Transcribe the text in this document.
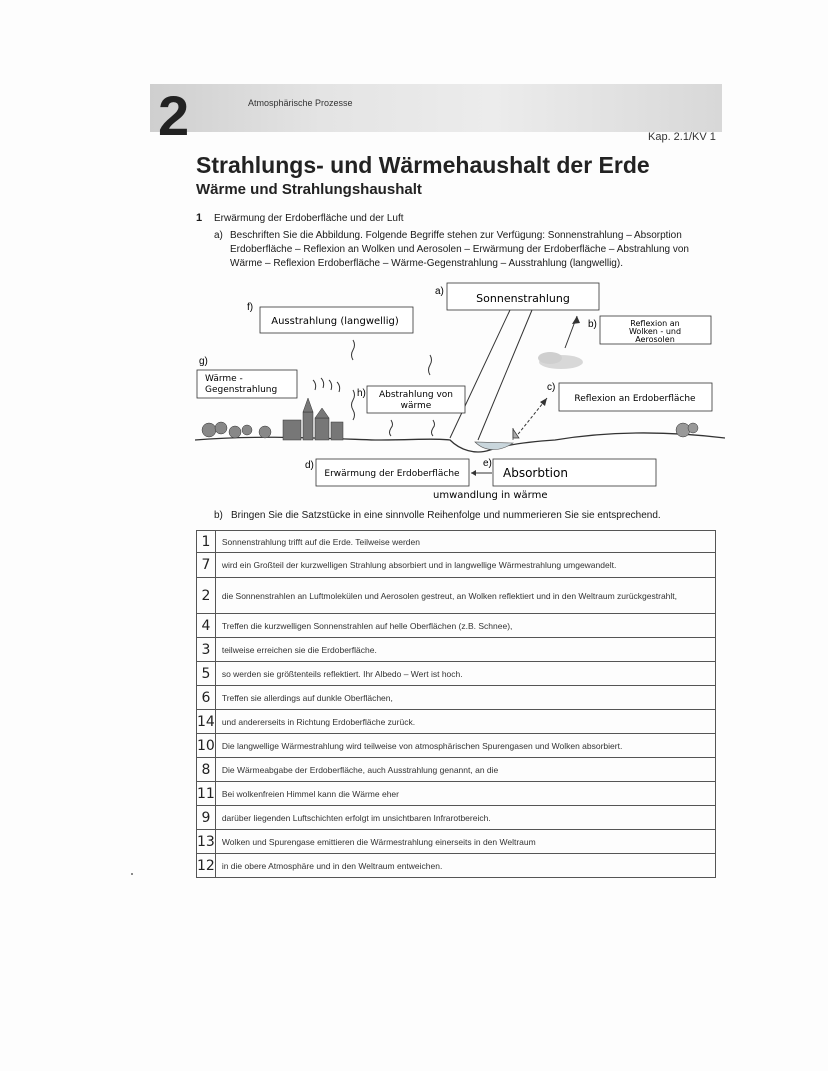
2	Atmosphärische Prozesse
Kap. 2.1/KV 1
Strahlungs- und Wärmehaushalt der Erde
Wärme und Strahlungshaushalt
1 Erwärmung der Erdoberfläche und der Luft
a) Beschriften Sie die Abbildung. Folgende Begriffe stehen zur Verfügung: Sonnenstrahlung – Absorption Erdoberfläche – Reflexion an Wolken und Aerosolen – Erwärmung der Erdoberfläche – Abstrahlung von Wärme – Reflexion Erdoberfläche – Wärme-Gegenstrahlung – Ausstrahlung (langwellig).
a)
Sonnenstrahlung
b)	Reflexion an
Wolken - und
Aerosolen
c)
Reflexion an Erdoberfläche
f)
Ausstrahlung (langwellig)
g)
Wärme -
Gegenstrahlung	h) Abstrahlung von
wärme
d)
Erwärmung der Erdoberfläche
e)
Absorbtion
umwandlung in wärme
b) Bringen Sie die Satzstücke in eine sinnvolle Reihenfolge und nummerieren Sie sie entsprechend.
1	Sonnenstrahlung trifft auf die Erde. Teilweise werden
7	wird ein Großteil der kurzwelligen Strahlung absorbiert und in langwellige Wärmestrahlung umgewandelt.
2	die Sonnenstrahlen an Luftmolekülen und Aerosolen gestreut, an Wolken reflektiert und in den Weltraum zurückgestrahlt,
4	Treffen die kurzwelligen Sonnenstrahlen auf helle Oberflächen (z.B. Schnee),
3	teilweise erreichen sie die Erdoberfläche.
5	so werden sie größtenteils reflektiert. Ihr Albedo – Wert ist hoch.
6	Treffen sie allerdings auf dunkle Oberflächen,
14	und andererseits in Richtung Erdoberfläche zurück.
10	Die langwellige Wärmestrahlung wird teilweise von atmosphärischen Spurengasen und Wolken absorbiert.
8	Die Wärmeabgabe der Erdoberfläche, auch Ausstrahlung genannt, an die
11	Bei wolkenfreien Himmel kann die Wärme eher
9	darüber liegenden Luftschichten erfolgt im unsichtbaren Infrarotbereich.
13	Wolken und Spurengase emittieren die Wärmestrahlung einerseits in den Weltraum
12	in die obere Atmosphäre und in den Weltraum entweichen.
